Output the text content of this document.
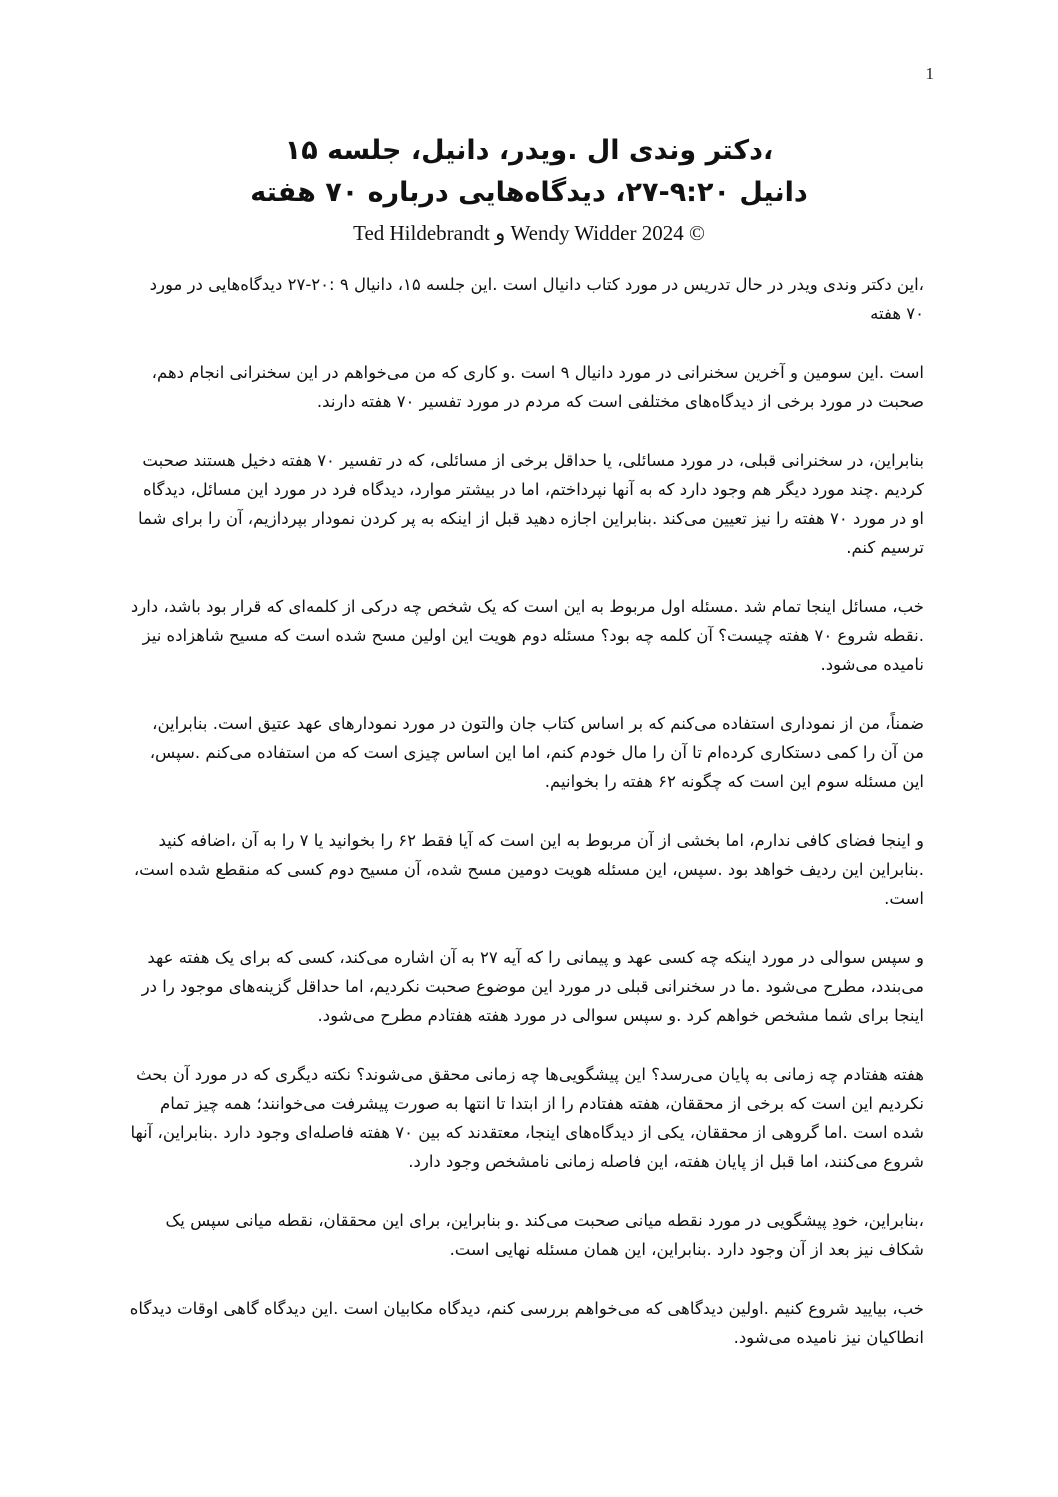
1
،دکتر وندی ال .ویدر، دانیل، جلسه ۱۵
دانیل ۹:۲۰-۲۷، دیدگاه‌هایی درباره ۷۰ هفته
© 2024 Wendy Widder و Ted Hildebrandt

،این دکتر وندی ویدر در حال تدریس در مورد کتاب دانیال است .این جلسه ۱۵، دانیال ۹ :۲۰-۲۷ دیدگاه‌هایی در مورد ۷۰ هفته

است .این سومین و آخرین سخنرانی در مورد دانیال ۹ است .و کاری که من می‌خواهم در این سخنرانی انجام دهم، صحبت در مورد برخی از دیدگاه‌های مختلفی است که مردم در مورد تفسیر ۷۰ هفته دارند.

بنابراین، در سخنرانی قبلی، در مورد مسائلی، یا حداقل برخی از مسائلی، که در تفسیر ۷۰ هفته دخیل هستند صحبت کردیم .چند مورد دیگر هم وجود دارد که به آنها نپرداختم، اما در بیشتر موارد، دیدگاه فرد در مورد این مسائل، دیدگاه او در مورد ۷۰ هفته را نیز تعیین می‌کند .بنابراین اجازه دهید قبل از اینکه به پر کردن نمودار بپردازیم، آن را برای شما ترسیم کنم.

خب، مسائل اینجا تمام شد .مسئله اول مربوط به این است که یک شخص چه درکی از کلمه‌ای که قرار بود باشد، دارد .نقطه شروع ۷۰ هفته چیست؟ آن کلمه چه بود؟ مسئله دوم هویت این اولین مسح شده است که مسیح شاهزاده نیز نامیده می‌شود.

ضمناً، من از نموداری استفاده می‌کنم که بر اساس کتاب جان والتون در مورد نمودارهای عهد عتیق است. بنابراین، من آن را کمی دستکاری کرده‌ام تا آن را مال خودم کنم، اما این اساس چیزی است که من استفاده می‌کنم .سپس، این مسئله سوم این است که چگونه ۶۲ هفته را بخوانیم.

و اینجا فضای کافی ندارم، اما بخشی از آن مربوط به این است که آیا فقط ۶۲ را بخوانید یا ۷ را به آن ،اضافه کنید .بنابراین این ردیف خواهد بود .سپس، این مسئله هویت دومین مسح شده، آن مسیح دوم کسی که منقطع شده است، است.

و سپس سوالی در مورد اینکه چه کسی عهد و پیمانی را که آیه ۲۷ به آن اشاره می‌کند، کسی که برای یک هفته عهد می‌بندد، مطرح می‌شود .ما در سخنرانی قبلی در مورد این موضوع صحبت نکردیم، اما حداقل گزینه‌های موجود را در اینجا برای شما مشخص خواهم کرد .و سپس سوالی در مورد هفته هفتادم مطرح می‌شود.

هفته هفتادم چه زمانی به پایان می‌رسد؟ این پیشگویی‌ها چه زمانی محقق می‌شوند؟ نکته دیگری که در مورد آن بحث نکردیم این است که برخی از محققان، هفته هفتادم را از ابتدا تا انتها به صورت پیشرفت می‌خوانند؛ همه چیز تمام شده است .اما گروهی از محققان، یکی از دیدگاه‌های اینجا، معتقدند که بین ۷۰ هفته فاصله‌ای وجود دارد .بنابراین، آنها شروع می‌کنند، اما قبل از پایان هفته، این فاصله زمانی نامشخص وجود دارد.

،بنابراین، خودِ پیشگویی در مورد نقطه میانی صحبت می‌کند .و بنابراین، برای این محققان، نقطه میانی سپس یک شکاف نیز بعد از آن وجود دارد .بنابراین، این همان مسئله نهایی است.

خب، بیایید شروع کنیم .اولین دیدگاهی که می‌خواهم بررسی کنم، دیدگاه مکابیان است .این دیدگاه گاهی اوقات دیدگاه انطاکیان نیز نامیده می‌شود.
